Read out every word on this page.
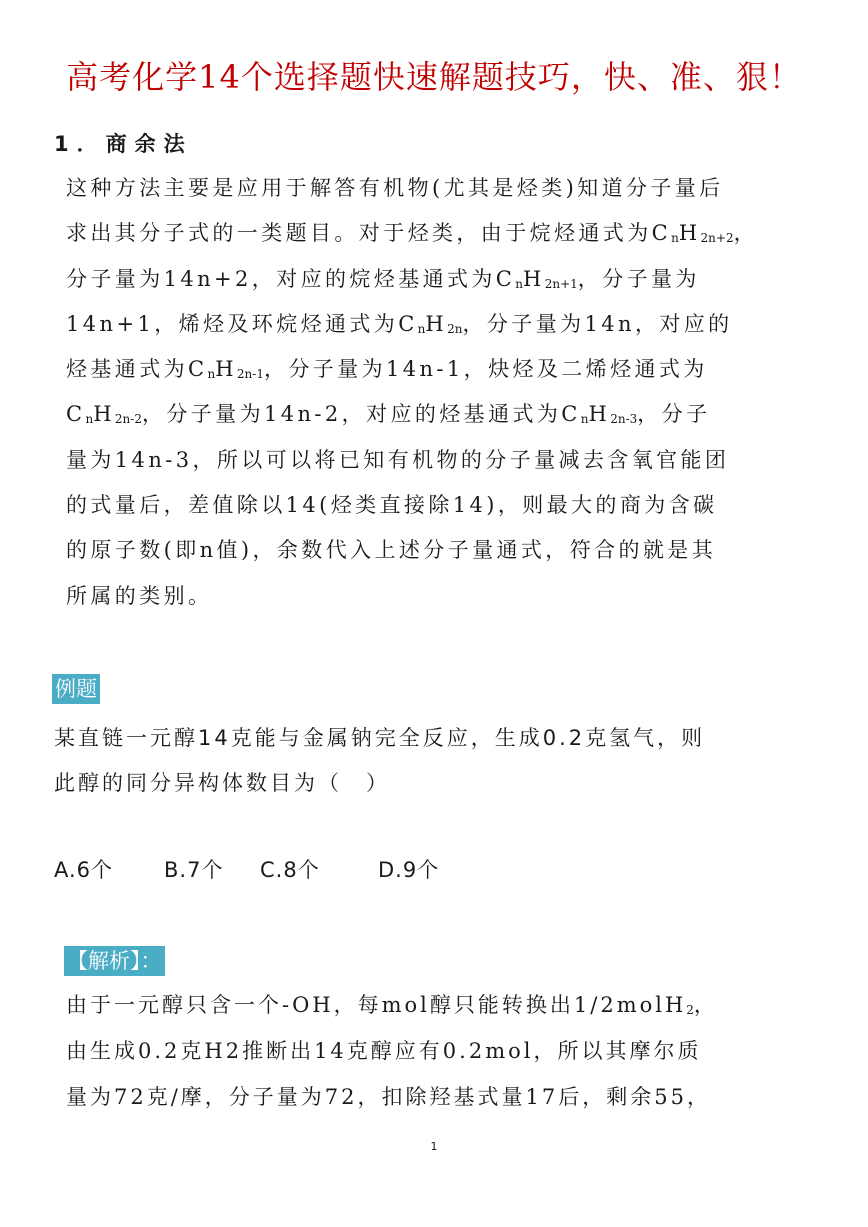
高考化学14个选择题快速解题技巧，快、准、狠！
1．商余法
这种方法主要是应用于解答有机物(尤其是烃类)知道分子量后
求出其分子式的一类题目。对于烃类，由于烷烃通式为$C_nH_{2n+2}$，
分子量为14n+2，对应的烷烃基通式为$C_nH_{2n+1}$，分子量为
14n+1，烯烃及环烷烃通式为$C_nH_{2n}$，分子量为14n，对应的
烃基通式为$C_nH_{2n-1}$，分子量为14n-1，炔烃及二烯烃通式为
$C_nH_{2n-2}$，分子量为14n-2，对应的烃基通式为$C_nH_{2n-3}$，分子
量为14n-3，所以可以将已知有机物的分子量减去含氧官能团
的式量后，差值除以14(烃类直接除14)，则最大的商为含碳
的原子数(即n值)，余数代入上述分子量通式，符合的就是其
所属的类别。
例题
某直链一元醇14克能与金属钠完全反应，生成0.2克氢气，则
此醇的同分异构体数目为（　）
A.6个 B.7个 C.8个	D.9个
【解析】：
由于一元醇只含一个-OH，每mol醇只能转换出1/2molH$_2$，
由生成0.2克H2推断出14克醇应有0.2mol，所以其摩尔质
量为72克/摩，分子量为72，扣除羟基式量17后，剩余55，
1
